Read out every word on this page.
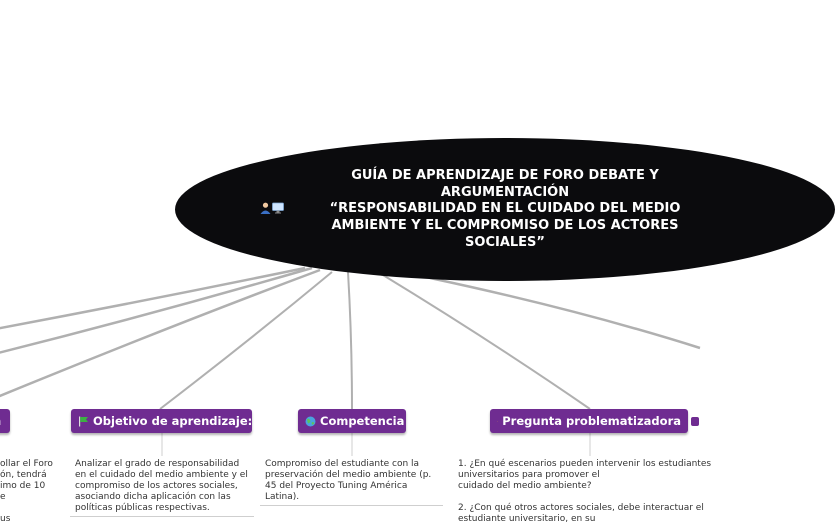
GUÍA DE APRENDIZAJE DE FORO DEBATE Y
ARGUMENTACIÓN
“RESPONSABILIDAD EN EL CUIDADO DEL MEDIO
AMBIENTE Y EL COMPROMISO DE LOS ACTORES
SOCIALES”

ollar el Foro

ón, tendrá

imo de 10

e

us

Objetivo de aprendizaje:

Analizar el grado de responsabilidad

en el cuidado del medio ambiente y el

compromiso de los actores sociales,

asociando dicha aplicación con las

políticas públicas respectivas.

Competencia

Compromiso del estudiante con la

preservación del medio ambiente (p.

45 del Proyecto Tuning América

Latina).

Pregunta problematizadora

1. ¿En qué escenarios pueden intervenir los estudiantes

universitarios para promover el

cuidado del medio ambiente?

2. ¿Con qué otros actores sociales, debe interactuar el

estudiante universitario, en su
